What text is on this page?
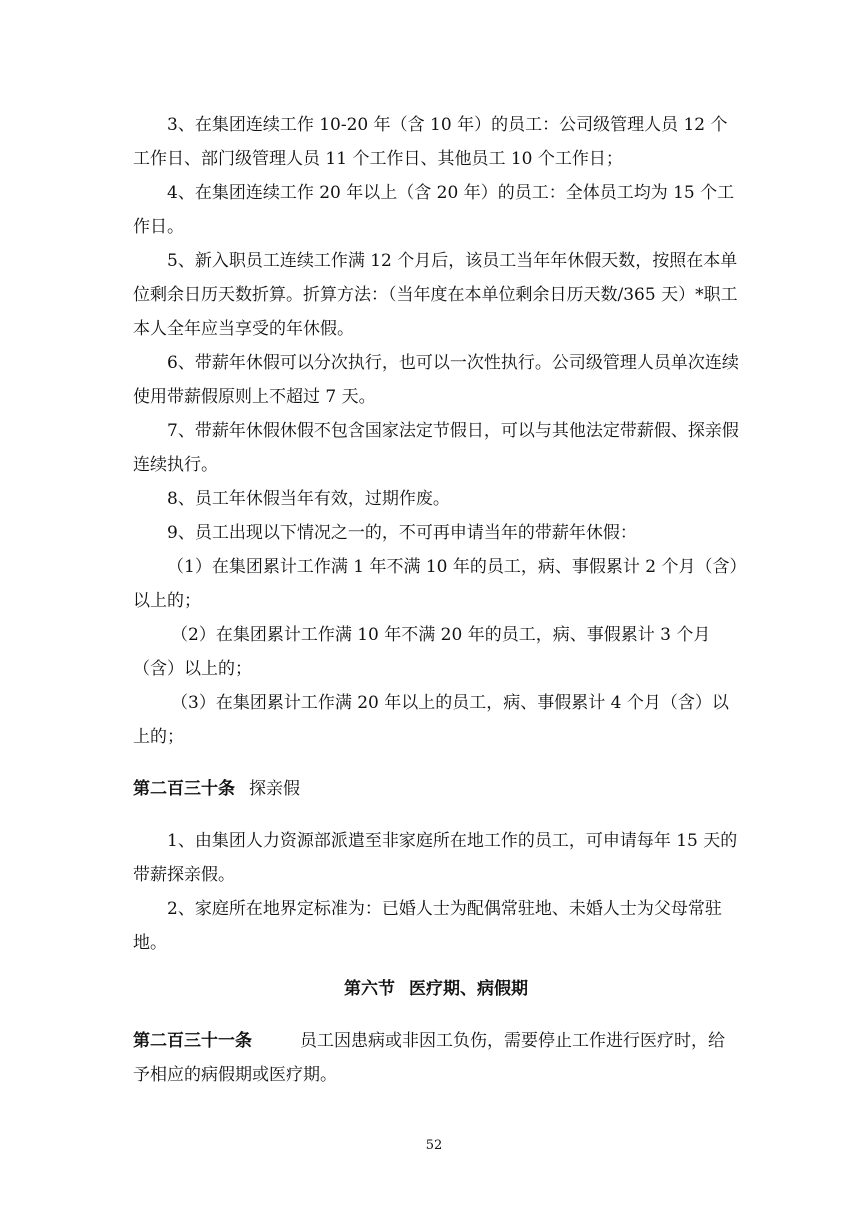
3、在集团连续工作 10-20 年（含 10 年）的员工：公司级管理人员 12 个工作日、部门级管理人员 11 个工作日、其他员工 10 个工作日；

4、在集团连续工作 20 年以上（含 20 年）的员工：全体员工均为 15 个工作日。

5、新入职员工连续工作满 12 个月后，该员工当年年休假天数，按照在本单位剩余日历天数折算。折算方法：（当年度在本单位剩余日历天数/365 天）*职工本人全年应当享受的年休假。

6、带薪年休假可以分次执行，也可以一次性执行。公司级管理人员单次连续使用带薪假原则上不超过 7 天。

7、带薪年休假休假不包含国家法定节假日，可以与其他法定带薪假、探亲假连续执行。

8、员工年休假当年有效，过期作废。

9、员工出现以下情况之一的，不可再申请当年的带薪年休假：

（1）在集团累计工作满 1 年不满 10 年的员工，病、事假累计 2 个月（含）以上的；

（2）在集团累计工作满 10 年不满 20 年的员工，病、事假累计 3 个月（含）以上的；

（3）在集团累计工作满 20 年以上的员工，病、事假累计 4 个月（含）以上的；

第二百三十条 探亲假

1、由集团人力资源部派遣至非家庭所在地工作的员工，可申请每年 15 天的带薪探亲假。

2、家庭所在地界定标准为：已婚人士为配偶常驻地、未婚人士为父母常驻地。

第六节 医疗期、病假期

第二百三十一条	员工因患病或非因工负伤，需要停止工作进行医疗时，给予相应的病假期或医疗期。

52
